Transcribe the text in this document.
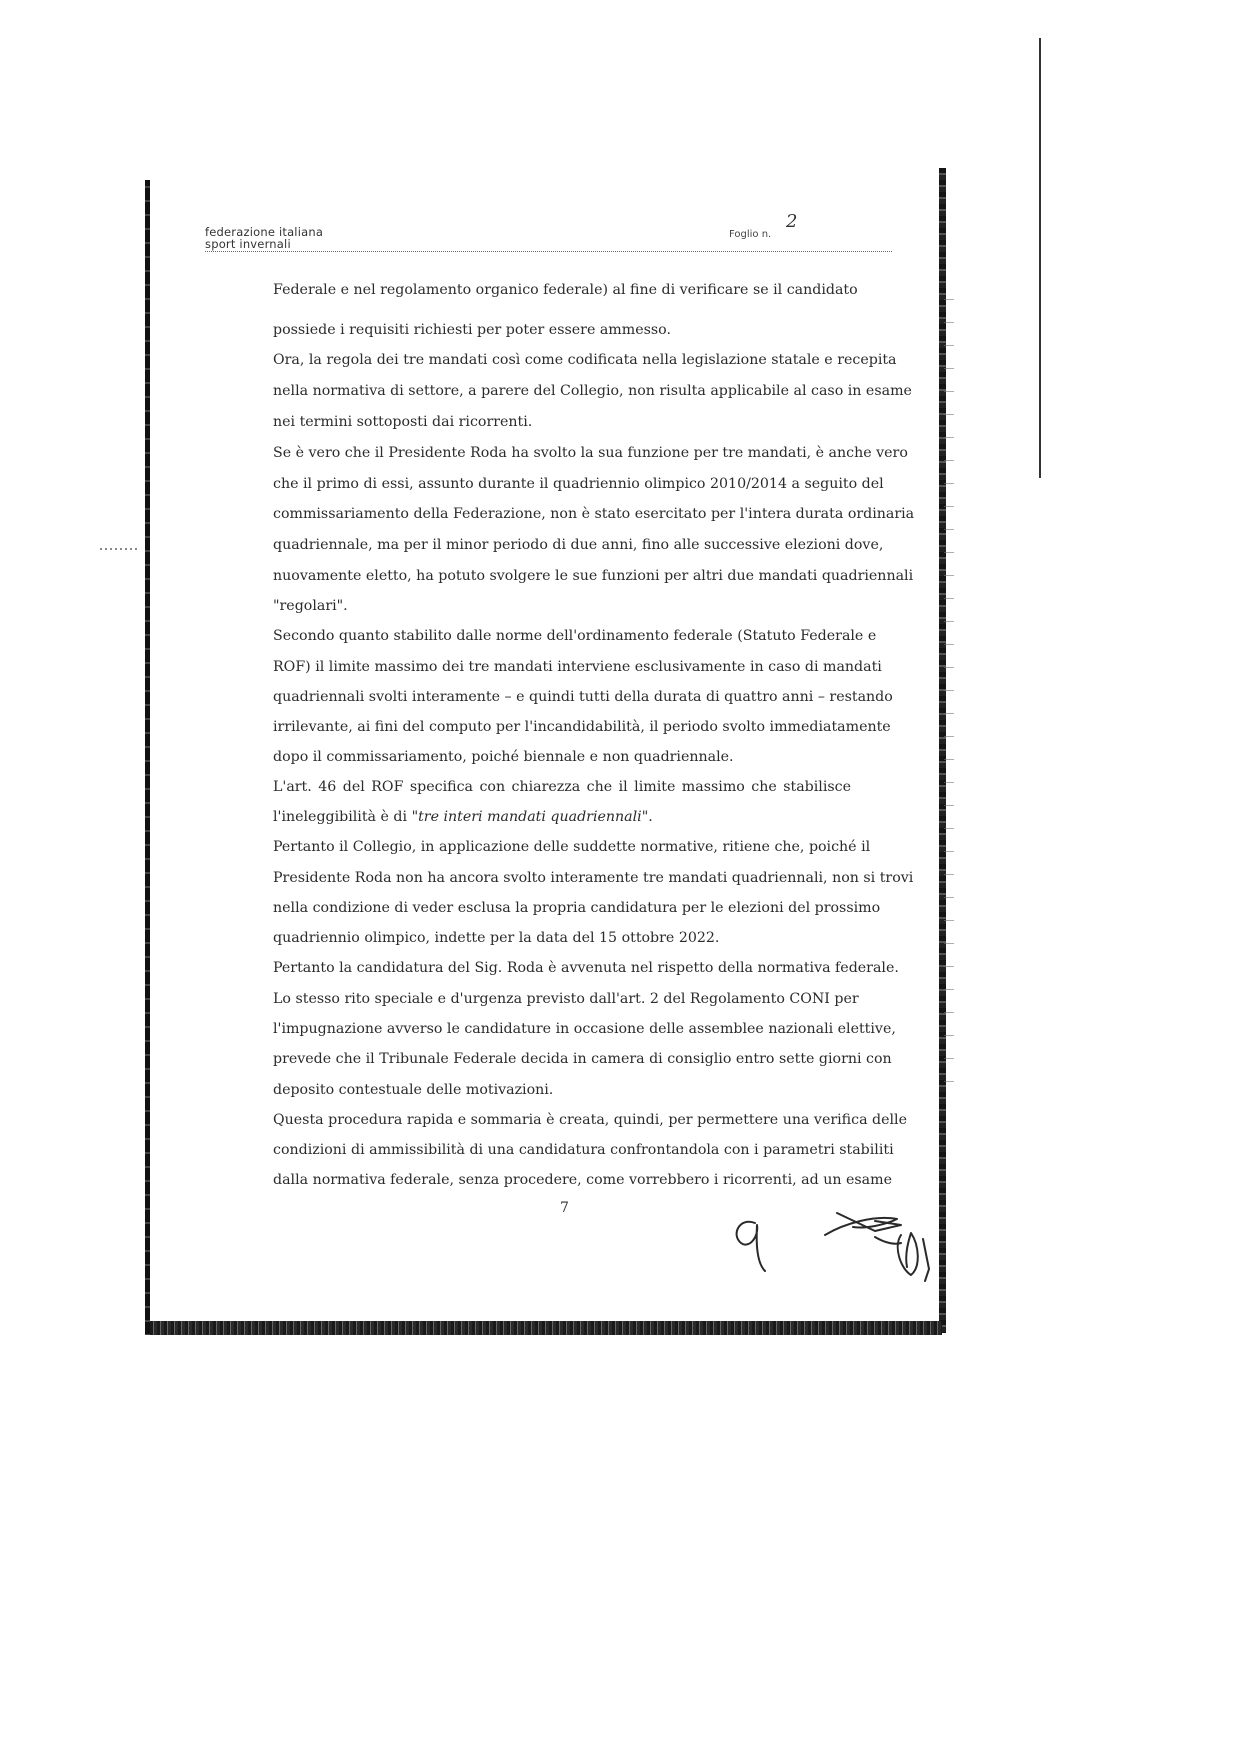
federazione italiana
sport invernali
Foglio n.
2
Federale e nel regolamento organico federale) al fine di verificare se il candidato
possiede i requisiti richiesti per poter essere ammesso.
Ora, la regola dei tre mandati così come codificata nella legislazione statale e recepita
nella normativa di settore, a parere del Collegio, non risulta applicabile al caso in esame
nei termini sottoposti dai ricorrenti.
Se è vero che il Presidente Roda ha svolto la sua funzione per tre mandati, è anche vero
che il primo di essi, assunto durante il quadriennio olimpico 2010/2014 a seguito del
commissariamento della Federazione, non è stato esercitato per l'intera durata ordinaria
quadriennale, ma per il minor periodo di due anni, fino alle successive elezioni dove,
nuovamente eletto, ha potuto svolgere le sue funzioni per altri due mandati quadriennali
"regolari".
Secondo quanto stabilito dalle norme dell'ordinamento federale (Statuto Federale e
ROF) il limite massimo dei tre mandati interviene esclusivamente in caso di mandati
quadriennali svolti interamente – e quindi tutti della durata di quattro anni – restando
irrilevante, ai fini del computo per l'incandidabilità, il periodo svolto immediatamente
dopo il commissariamento, poiché biennale e non quadriennale.
L'art. 46 del ROF specifica con chiarezza che il limite massimo che stabilisce
l'ineleggibilità è di "tre interi mandati quadriennali".
Pertanto il Collegio, in applicazione delle suddette normative, ritiene che, poiché il
Presidente Roda non ha ancora svolto interamente tre mandati quadriennali, non si trovi
nella condizione di veder esclusa la propria candidatura per le elezioni del prossimo
quadriennio olimpico, indette per la data del 15 ottobre 2022.
Pertanto la candidatura del Sig. Roda è avvenuta nel rispetto della normativa federale.
Lo stesso rito speciale e d'urgenza previsto dall'art. 2 del Regolamento CONI per
l'impugnazione avverso le candidature in occasione delle assemblee nazionali elettive,
prevede che il Tribunale Federale decida in camera di consiglio entro sette giorni con
deposito contestuale delle motivazioni.
Questa procedura rapida e sommaria è creata, quindi, per permettere una verifica delle
condizioni di ammissibilità di una candidatura confrontandola con i parametri stabiliti
dalla normativa federale, senza procedere, come vorrebbero i ricorrenti, ad un esame
7
